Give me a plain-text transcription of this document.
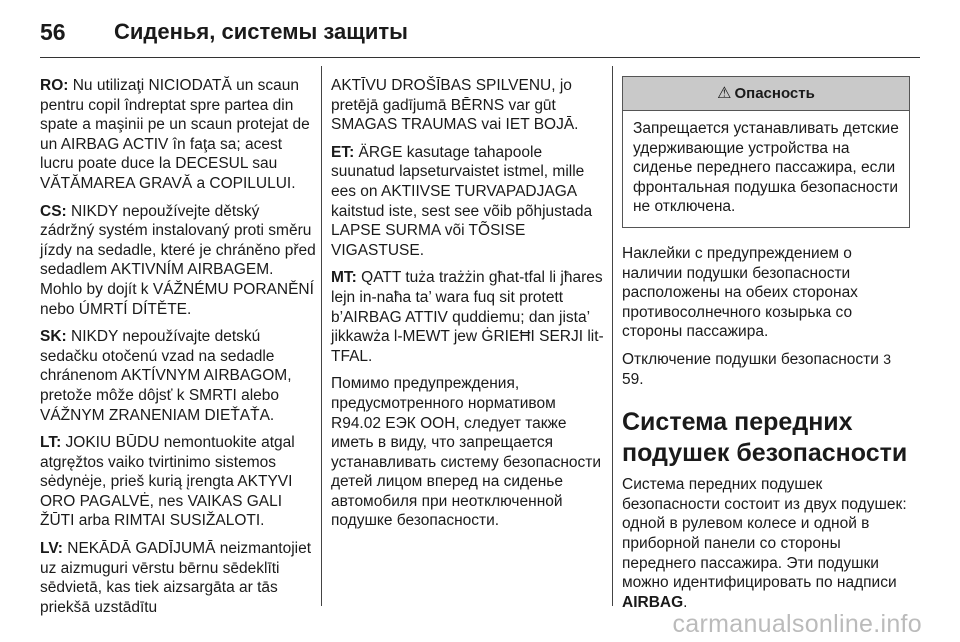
56	Сиденья, системы защиты

RO: Nu utilizaţi NICIODATĂ un scaun pentru copil îndreptat spre partea din spate a maşinii pe un scaun protejat de un AIRBAG ACTIV în faţa sa; acest lucru poate duce la DECESUL sau VĂTĂMAREA GRAVĂ a COPILULUI.

CS: NIKDY nepoužívejte dětský zádržný systém instalovaný proti směru jízdy na sedadle, které je chráněno před sedadlem AKTIVNÍM AIRBAGEM. Mohlo by dojít k VÁŽNÉMU PORANĚNÍ nebo ÚMRTÍ DÍTĚTE.

SK: NIKDY nepoužívajte detskú sedačku otočenú vzad na sedadle chránenom AKTÍVNYM AIRBAGOM, pretože môže dôjsť k SMRTI alebo VÁŽNYM ZRANENIAM DIEŤAŤA.

LT: JOKIU BŪDU nemontuokite atgal atgręžtos vaiko tvirtinimo sistemos sėdynėje, prieš kurią įrengta AKTYVI ORO PAGALVĖ, nes VAIKAS GALI ŽŪTI arba RIMTAI SUSIŽALOTI.

LV: NEKĀDĀ GADĪJUMĀ neizmantojiet uz aizmuguri vērstu bērnu sēdeklīti sēdvietā, kas tiek aizsargāta ar tās priekšā uzstādītu

AKTĪVU DROŠĪBAS SPILVENU, jo pretējā gadījumā BĒRNS var gūt SMAGAS TRAUMAS vai IET BOJĀ.

ET: ÄRGE kasutage tahapoole suunatud lapseturvaistet istmel, mille ees on AKTIIVSE TURVAPADJAGA kaitstud iste, sest see võib põhjustada LAPSE SURMA või TÕSISE VIGASTUSE.

MT: QATT tuża trażżin għat-tfal li jħares lejn in-naħa ta’ wara fuq sit protett b’AIRBAG ATTIV quddiemu; dan jista’ jikkawża l-MEWT jew ĠRIEĦI SERJI lit-TFAL.

Помимо предупреждения, предусмотренного нормативом R94.02 ЕЭК ООН, следует также иметь в виду, что запрещается устанавливать систему безопасности детей лицом вперед на сиденье автомобиля при неотключенной подушке безопасности.

⚠ Опасность
Запрещается устанавливать детские удерживающие устройства на сиденье переднего пассажира, если фронтальная подушка безопасности не отключена.

Наклейки с предупреждением о наличии подушки безопасности расположены на обеих сторонах противосолнечного козырька со стороны пассажира.

Отключение подушки безопасности 3 59.

Система передних подушек безопасности

Система передних подушек безопасности состоит из двух подушек: одной в рулевом колесе и одной в приборной панели со стороны переднего пассажира. Эти подушки можно идентифицировать по надписи AIRBAG.

carmanualsonline.info
